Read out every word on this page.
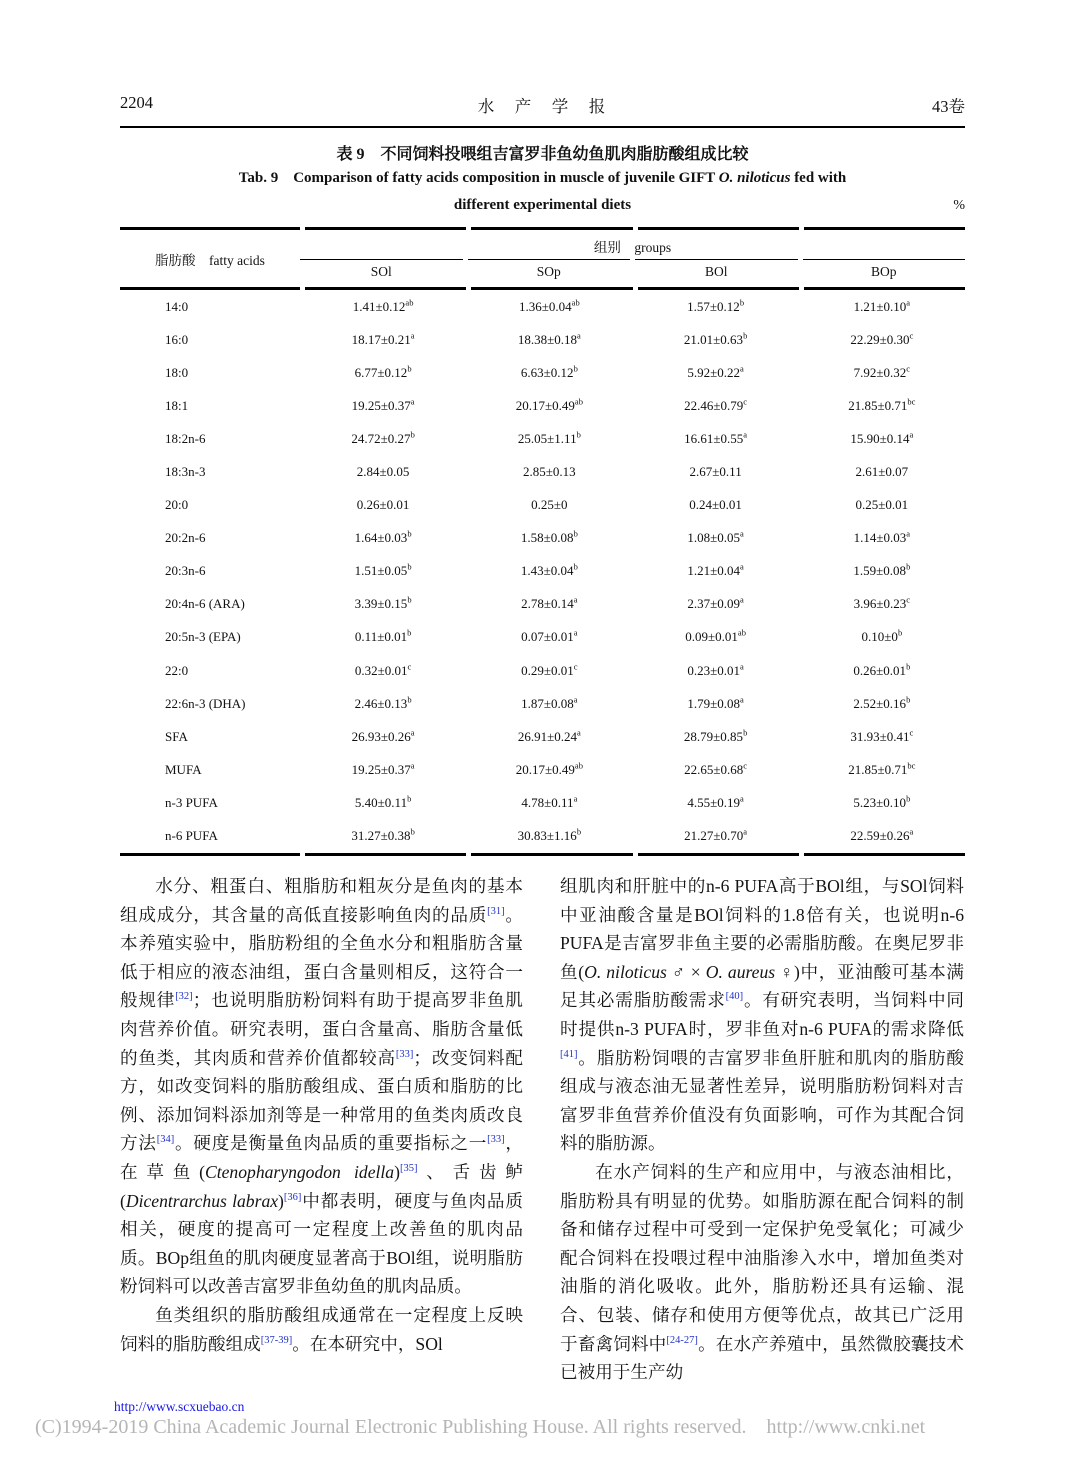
2204	水　产　学　报	43卷
表 9　不同饲料投喂组吉富罗非鱼幼鱼肌肉脂肪酸组成比较
Tab. 9    Comparison of fatty acids composition in muscle of juvenile GIFT O. niloticus fed with
different experimental diets	%
组别　groups
脂肪酸　fatty acids
SOl	SOp	BOl	BOp
14:0	1.41±0.12$^{ab}$	1.36±0.04$^{ab}$	1.57±0.12$^b$	1.21±0.10$^a$
16:0	18.17±0.21$^a$	18.38±0.18$^a$	21.01±0.63$^b$	22.29±0.30$^c$
18:0	6.77±0.12$^b$	6.63±0.12$^b$	5.92±0.22$^a$	7.92±0.32$^c$
18:1	19.25±0.37$^a$	20.17±0.49$^{ab}$	22.46±0.79$^c$	21.85±0.71$^{bc}$
18:2n-6	24.72±0.27$^b$	25.05±1.11$^b$	16.61±0.55$^a$	15.90±0.14$^a$
18:3n-3	2.84±0.05	2.85±0.13	2.67±0.11	2.61±0.07
20:0	0.26±0.01	0.25±0	0.24±0.01	0.25±0.01
20:2n-6	1.64±0.03$^b$	1.58±0.08$^b$	1.08±0.05$^a$	1.14±0.03$^a$
20:3n-6	1.51±0.05$^b$	1.43±0.04$^b$	1.21±0.04$^a$	1.59±0.08$^b$
20:4n-6 (ARA)	3.39±0.15$^b$	2.78±0.14$^a$	2.37±0.09$^a$	3.96±0.23$^c$
20:5n-3 (EPA)	0.11±0.01$^b$	0.07±0.01$^a$	0.09±0.01$^{ab}$	$0.10\pm 0^b$
22:0	0.32±0.01$^c$	0.29±0.01$^c$	0.23±0.01$^a$	0.26±0.01$^b$
22:6n-3 (DHA)	2.46±0.13$^b$	1.87±0.08$^a$	1.79±0.08$^a$	2.52±0.16$^b$
SFA	26.93±0.26$^a$	26.91±0.24$^a$	28.79±0.85$^b$	31.93±0.41$^c$
MUFA	19.25±0.37$^a$	20.17±0.49$^{ab}$	22.65±0.68$^c$	21.85±0.71$^{bc}$
n-3 PUFA	5.40±0.11$^b$	4.78±0.11$^a$	4.55±0.19$^a$	5.23±0.10$^b$
n-6 PUFA	31.27±0.38$^b$	30.83±1.16$^b$	21.27±0.70$^a$	22.59±0.26$^a$

水分、粗蛋白、粗脂肪和粗灰分是鱼肉的基本组成成分，其含量的高低直接影响鱼肉的品质[31]。本养殖实验中，脂肪粉组的全鱼水分和粗脂肪含量低于相应的液态油组，蛋白含量则相反，这符合一般规律[32]；也说明脂肪粉饲料有助于提高罗非鱼肌肉营养价值。研究表明，蛋白含量高、脂肪含量低的鱼类，其肉质和营养价值都较高[33]；改变饲料配方，如改变饲料的脂肪酸组成、蛋白质和脂肪的比例、添加饲料添加剂等是一种常用的鱼类肉质改良方法[34]。硬度是衡量鱼肉品质的重要指标之一[33]，在草鱼(Ctenopharyngodon idella)[35]、舌齿鲈(Dicentrarchus labrax)[36]中都表明，硬度与鱼肉品质相关，硬度的提高可一定程度上改善鱼的肌肉品质。BOp组鱼的肌肉硬度显著高于BOl组，说明脂肪粉饲料可以改善吉富罗非鱼幼鱼的肌肉品质。

鱼类组织的脂肪酸组成通常在一定程度上反映饲料的脂肪酸组成[37-39]。在本研究中，SOl

组肌肉和肝脏中的n-6 PUFA高于BOl组，与SOl饲料中亚油酸含量是BOl饲料的1.8倍有关，也说明n-6 PUFA是吉富罗非鱼主要的必需脂肪酸。在奥尼罗非鱼(O. niloticus ♂ × O. aureus ♀)中，亚油酸可基本满足其必需脂肪酸需求[40]。有研究表明，当饲料中同时提供n-3 PUFA时，罗非鱼对n-6 PUFA的需求降低[41]。脂肪粉饲喂的吉富罗非鱼肝脏和肌肉的脂肪酸组成与液态油无显著性差异，说明脂肪粉饲料对吉富罗非鱼营养价值没有负面影响，可作为其配合饲料的脂肪源。

在水产饲料的生产和应用中，与液态油相比，脂肪粉具有明显的优势。如脂肪源在配合饲料的制备和储存过程中可受到一定保护免受氧化；可减少配合饲料在投喂过程中油脂渗入水中，增加鱼类对油脂的消化吸收。此外，脂肪粉还具有运输、混合、包装、储存和使用方便等优点，故其已广泛用于畜禽饲料中[24-27]。在水产养殖中，虽然微胶囊技术已被用于生产幼

http://www.scxuebao.cn
(C)1994-2019 China Academic Journal Electronic Publishing House. All rights reserved.    http://www.cnki.net
